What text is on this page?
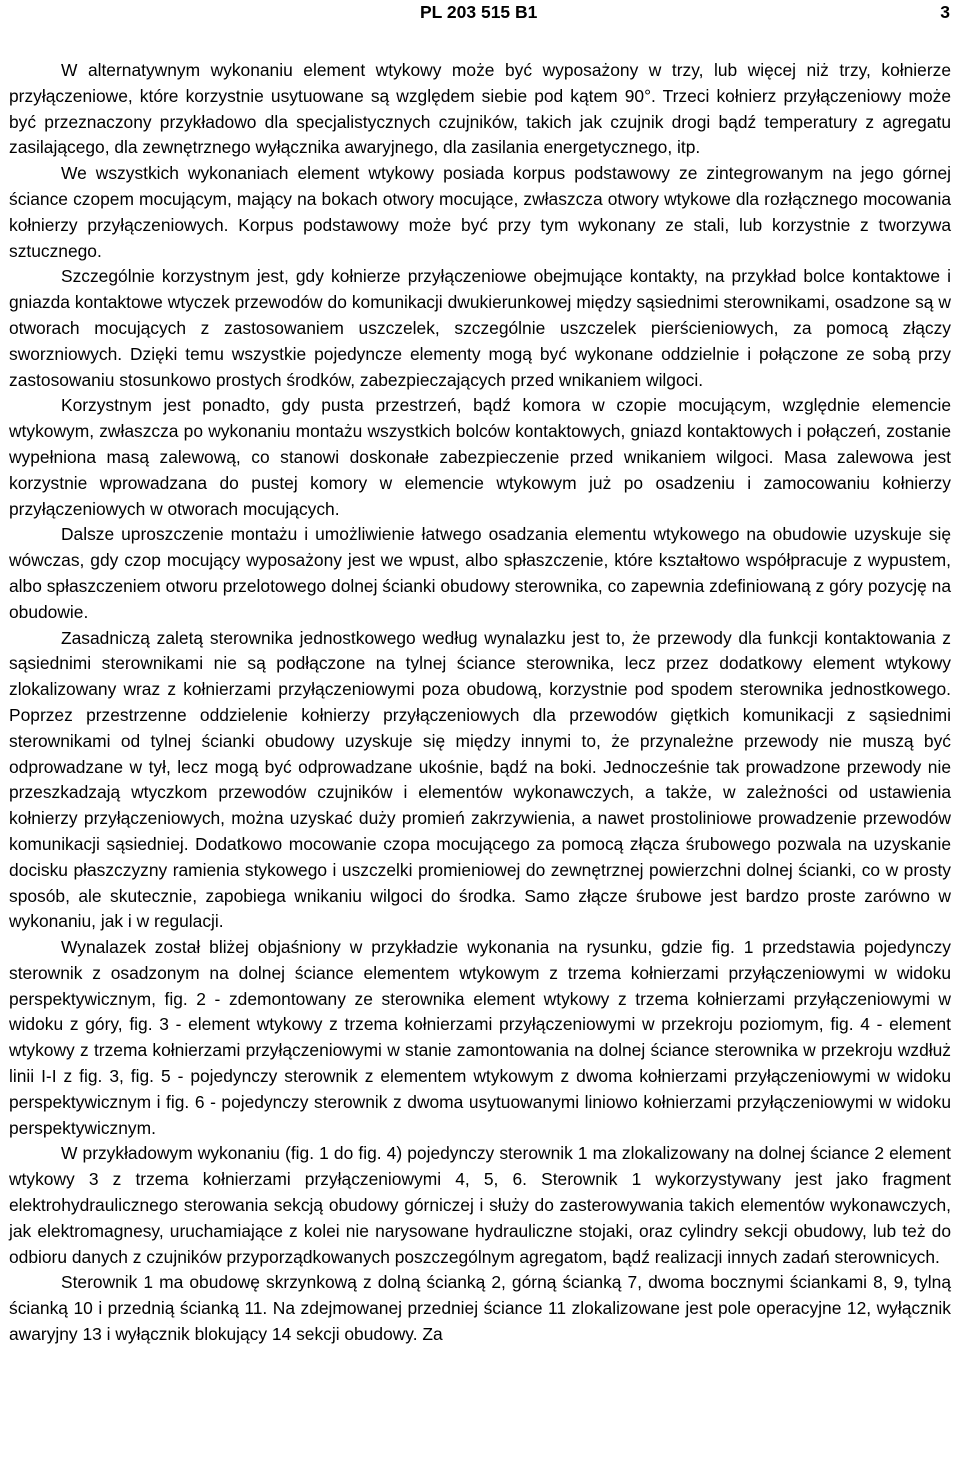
PL 203 515 B1	3

W alternatywnym wykonaniu element wtykowy może być wyposażony w trzy, lub więcej niż trzy, kołnierze przyłączeniowe, które korzystnie usytuowane są względem siebie pod kątem 90°. Trzeci kołnierz przyłączeniowy może być przeznaczony przykładowo dla specjalistycznych czujników, takich jak czujnik drogi bądź temperatury z agregatu zasilającego, dla zewnętrznego wyłącznika awaryjnego, dla zasilania energetycznego, itp.

We wszystkich wykonaniach element wtykowy posiada korpus podstawowy ze zintegrowanym na jego górnej ściance czopem mocującym, mający na bokach otwory mocujące, zwłaszcza otwory wtykowe dla rozłącznego mocowania kołnierzy przyłączeniowych. Korpus podstawowy może być przy tym wykonany ze stali, lub korzystnie z tworzywa sztucznego.

Szczególnie korzystnym jest, gdy kołnierze przyłączeniowe obejmujące kontakty, na przykład bolce kontaktowe i gniazda kontaktowe wtyczek przewodów do komunikacji dwukierunkowej między sąsiednimi sterownikami, osadzone są w otworach mocujących z zastosowaniem uszczelek, szczególnie uszczelek pierścieniowych, za pomocą złączy sworzniowych. Dzięki temu wszystkie pojedyncze elementy mogą być wykonane oddzielnie i połączone ze sobą przy zastosowaniu stosunkowo prostych środków, zabezpieczających przed wnikaniem wilgoci.

Korzystnym jest ponadto, gdy pusta przestrzeń, bądź komora w czopie mocującym, względnie elemencie wtykowym, zwłaszcza po wykonaniu montażu wszystkich bolców kontaktowych, gniazd kontaktowych i połączeń, zostanie wypełniona masą zalewową, co stanowi doskonałe zabezpieczenie przed wnikaniem wilgoci. Masa zalewowa jest korzystnie wprowadzana do pustej komory w elemencie wtykowym już po osadzeniu i zamocowaniu kołnierzy przyłączeniowych w otworach mocujących.

Dalsze uproszczenie montażu i umożliwienie łatwego osadzania elementu wtykowego na obudowie uzyskuje się wówczas, gdy czop mocujący wyposażony jest we wpust, albo spłaszczenie, które kształtowo współpracuje z wypustem, albo spłaszczeniem otworu przelotowego dolnej ścianki obudowy sterownika, co zapewnia zdefiniowaną z góry pozycję na obudowie.

Zasadniczą zaletą sterownika jednostkowego według wynalazku jest to, że przewody dla funkcji kontaktowania z sąsiednimi sterownikami nie są podłączone na tylnej ściance sterownika, lecz przez dodatkowy element wtykowy zlokalizowany wraz z kołnierzami przyłączeniowymi poza obudową, korzystnie pod spodem sterownika jednostkowego. Poprzez przestrzenne oddzielenie kołnierzy przyłączeniowych dla przewodów giętkich komunikacji z sąsiednimi sterownikami od tylnej ścianki obudowy uzyskuje się między innymi to, że przynależne przewody nie muszą być odprowadzane w tył, lecz mogą być odprowadzane ukośnie, bądź na boki. Jednocześnie tak prowadzone przewody nie przeszkadzają wtyczkom przewodów czujników i elementów wykonawczych, a także, w zależności od ustawienia kołnierzy przyłączeniowych, można uzyskać duży promień zakrzywienia, a nawet prostoliniowe prowadzenie przewodów komunikacji sąsiedniej. Dodatkowo mocowanie czopa mocującego za pomocą złącza śrubowego pozwala na uzyskanie docisku płaszczyzny ramienia stykowego i uszczelki promieniowej do zewnętrznej powierzchni dolnej ścianki, co w prosty sposób, ale skutecznie, zapobiega wnikaniu wilgoci do środka. Samo złącze śrubowe jest bardzo proste zarówno w wykonaniu, jak i w regulacji.

Wynalazek został bliżej objaśniony w przykładzie wykonania na rysunku, gdzie fig. 1 przedstawia pojedynczy sterownik z osadzonym na dolnej ściance elementem wtykowym z trzema kołnierzami przyłączeniowymi w widoku perspektywicznym, fig. 2 - zdemontowany ze sterownika element wtykowy z trzema kołnierzami przyłączeniowymi w widoku z góry, fig. 3 - element wtykowy z trzema kołnierzami przyłączeniowymi w przekroju poziomym, fig. 4 - element wtykowy z trzema kołnierzami przyłączeniowymi w stanie zamontowania na dolnej ściance sterownika w przekroju wzdłuż linii I-I z fig. 3, fig. 5 - pojedynczy sterownik z elementem wtykowym z dwoma kołnierzami przyłączeniowymi w widoku perspektywicznym i fig. 6 - pojedynczy sterownik z dwoma usytuowanymi liniowo kołnierzami przyłączeniowymi w widoku perspektywicznym.

W przykładowym wykonaniu (fig. 1 do fig. 4) pojedynczy sterownik 1 ma zlokalizowany na dolnej ściance 2 element wtykowy 3 z trzema kołnierzami przyłączeniowymi 4, 5, 6. Sterownik 1 wykorzystywany jest jako fragment elektrohydraulicznego sterowania sekcją obudowy górniczej i służy do zasterowywania takich elementów wykonawczych, jak elektromagnesy, uruchamiające z kolei nie narysowane hydrauliczne stojaki, oraz cylindry sekcji obudowy, lub też do odbioru danych z czujników przyporządkowanych poszczególnym agregatom, bądź realizacji innych zadań sterownicych.

Sterownik 1 ma obudowę skrzynkową z dolną ścianką 2, górną ścianką 7, dwoma bocznymi ściankami 8, 9, tylną ścianką 10 i przednią ścianką 11. Na zdejmowanej przedniej ściance 11 zlokalizowane jest pole operacyjne 12, wyłącznik awaryjny 13 i wyłącznik blokujący 14 sekcji obudowy. Za
